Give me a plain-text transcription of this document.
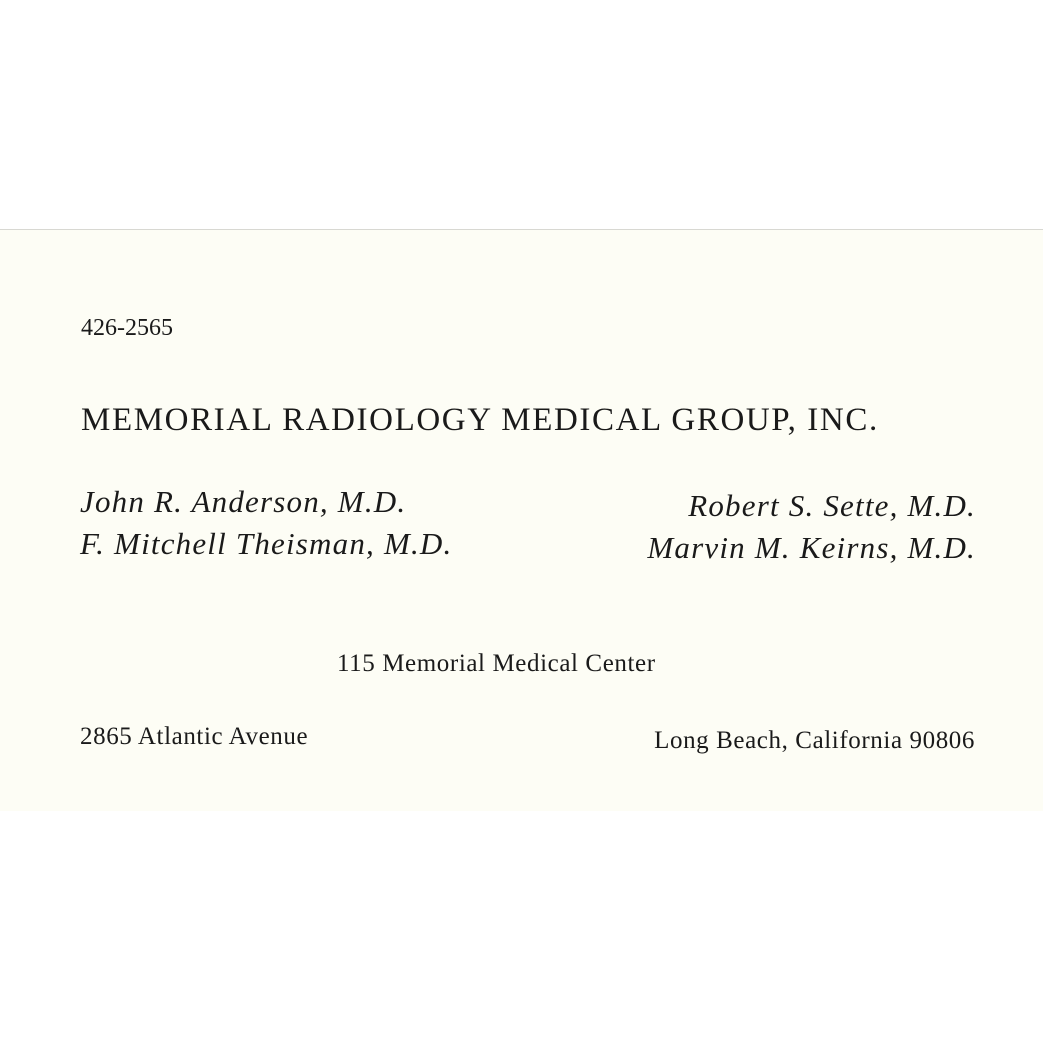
426-2565
MEMORIAL RADIOLOGY MEDICAL GROUP, INC.
John R. Anderson, M.D.
F. Mitchell Theisman, M.D.
Robert S. Sette, M.D.
Marvin M. Keirns, M.D.
115 Memorial Medical Center
2865 Atlantic Avenue	Long Beach, California 90806
